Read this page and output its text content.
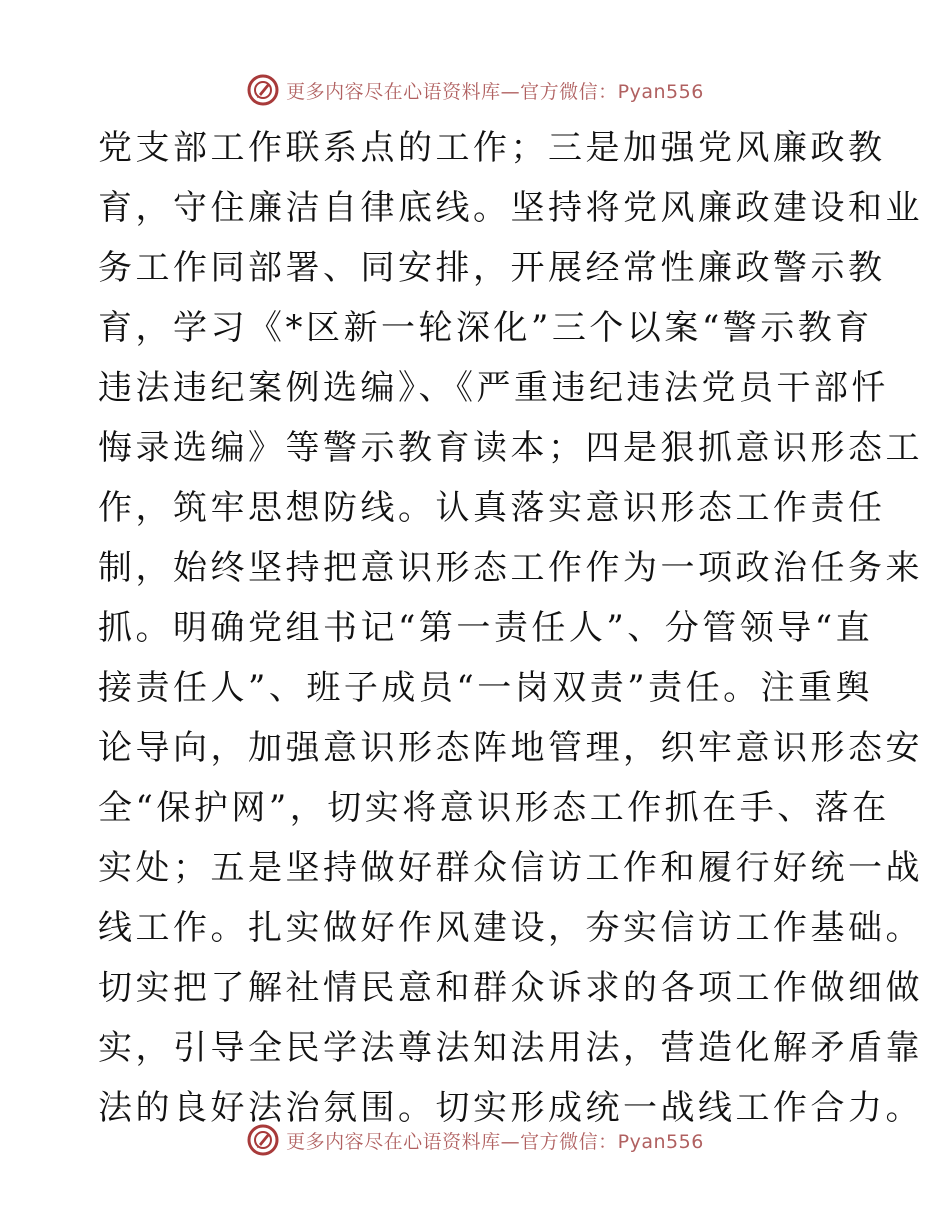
更多内容尽在心语资料库—官方微信：Pyan556
党支部工作联系点的工作；三是加强党风廉政教
育，守住廉洁自律底线。坚持将党风廉政建设和业
务工作同部署、同安排，开展经常性廉政警示教
育，学习《*区新一轮深化”三个以案“警示教育
违法违纪案例选编》、《严重违纪违法党员干部忏
悔录选编》等警示教育读本；四是狠抓意识形态工
作，筑牢思想防线。认真落实意识形态工作责任
制，始终坚持把意识形态工作作为一项政治任务来
抓。明确党组书记“第一责任人”、分管领导“直
接责任人”、班子成员“一岗双责”责任。注重舆
论导向，加强意识形态阵地管理，织牢意识形态安
全“保护网”，切实将意识形态工作抓在手、落在
实处；五是坚持做好群众信访工作和履行好统一战
线工作。扎实做好作风建设，夯实信访工作基础。
切实把了解社情民意和群众诉求的各项工作做细做
实，引导全民学法尊法知法用法，营造化解矛盾靠
法的良好法治氛围。切实形成统一战线工作合力。
更多内容尽在心语资料库—官方微信：Pyan556
